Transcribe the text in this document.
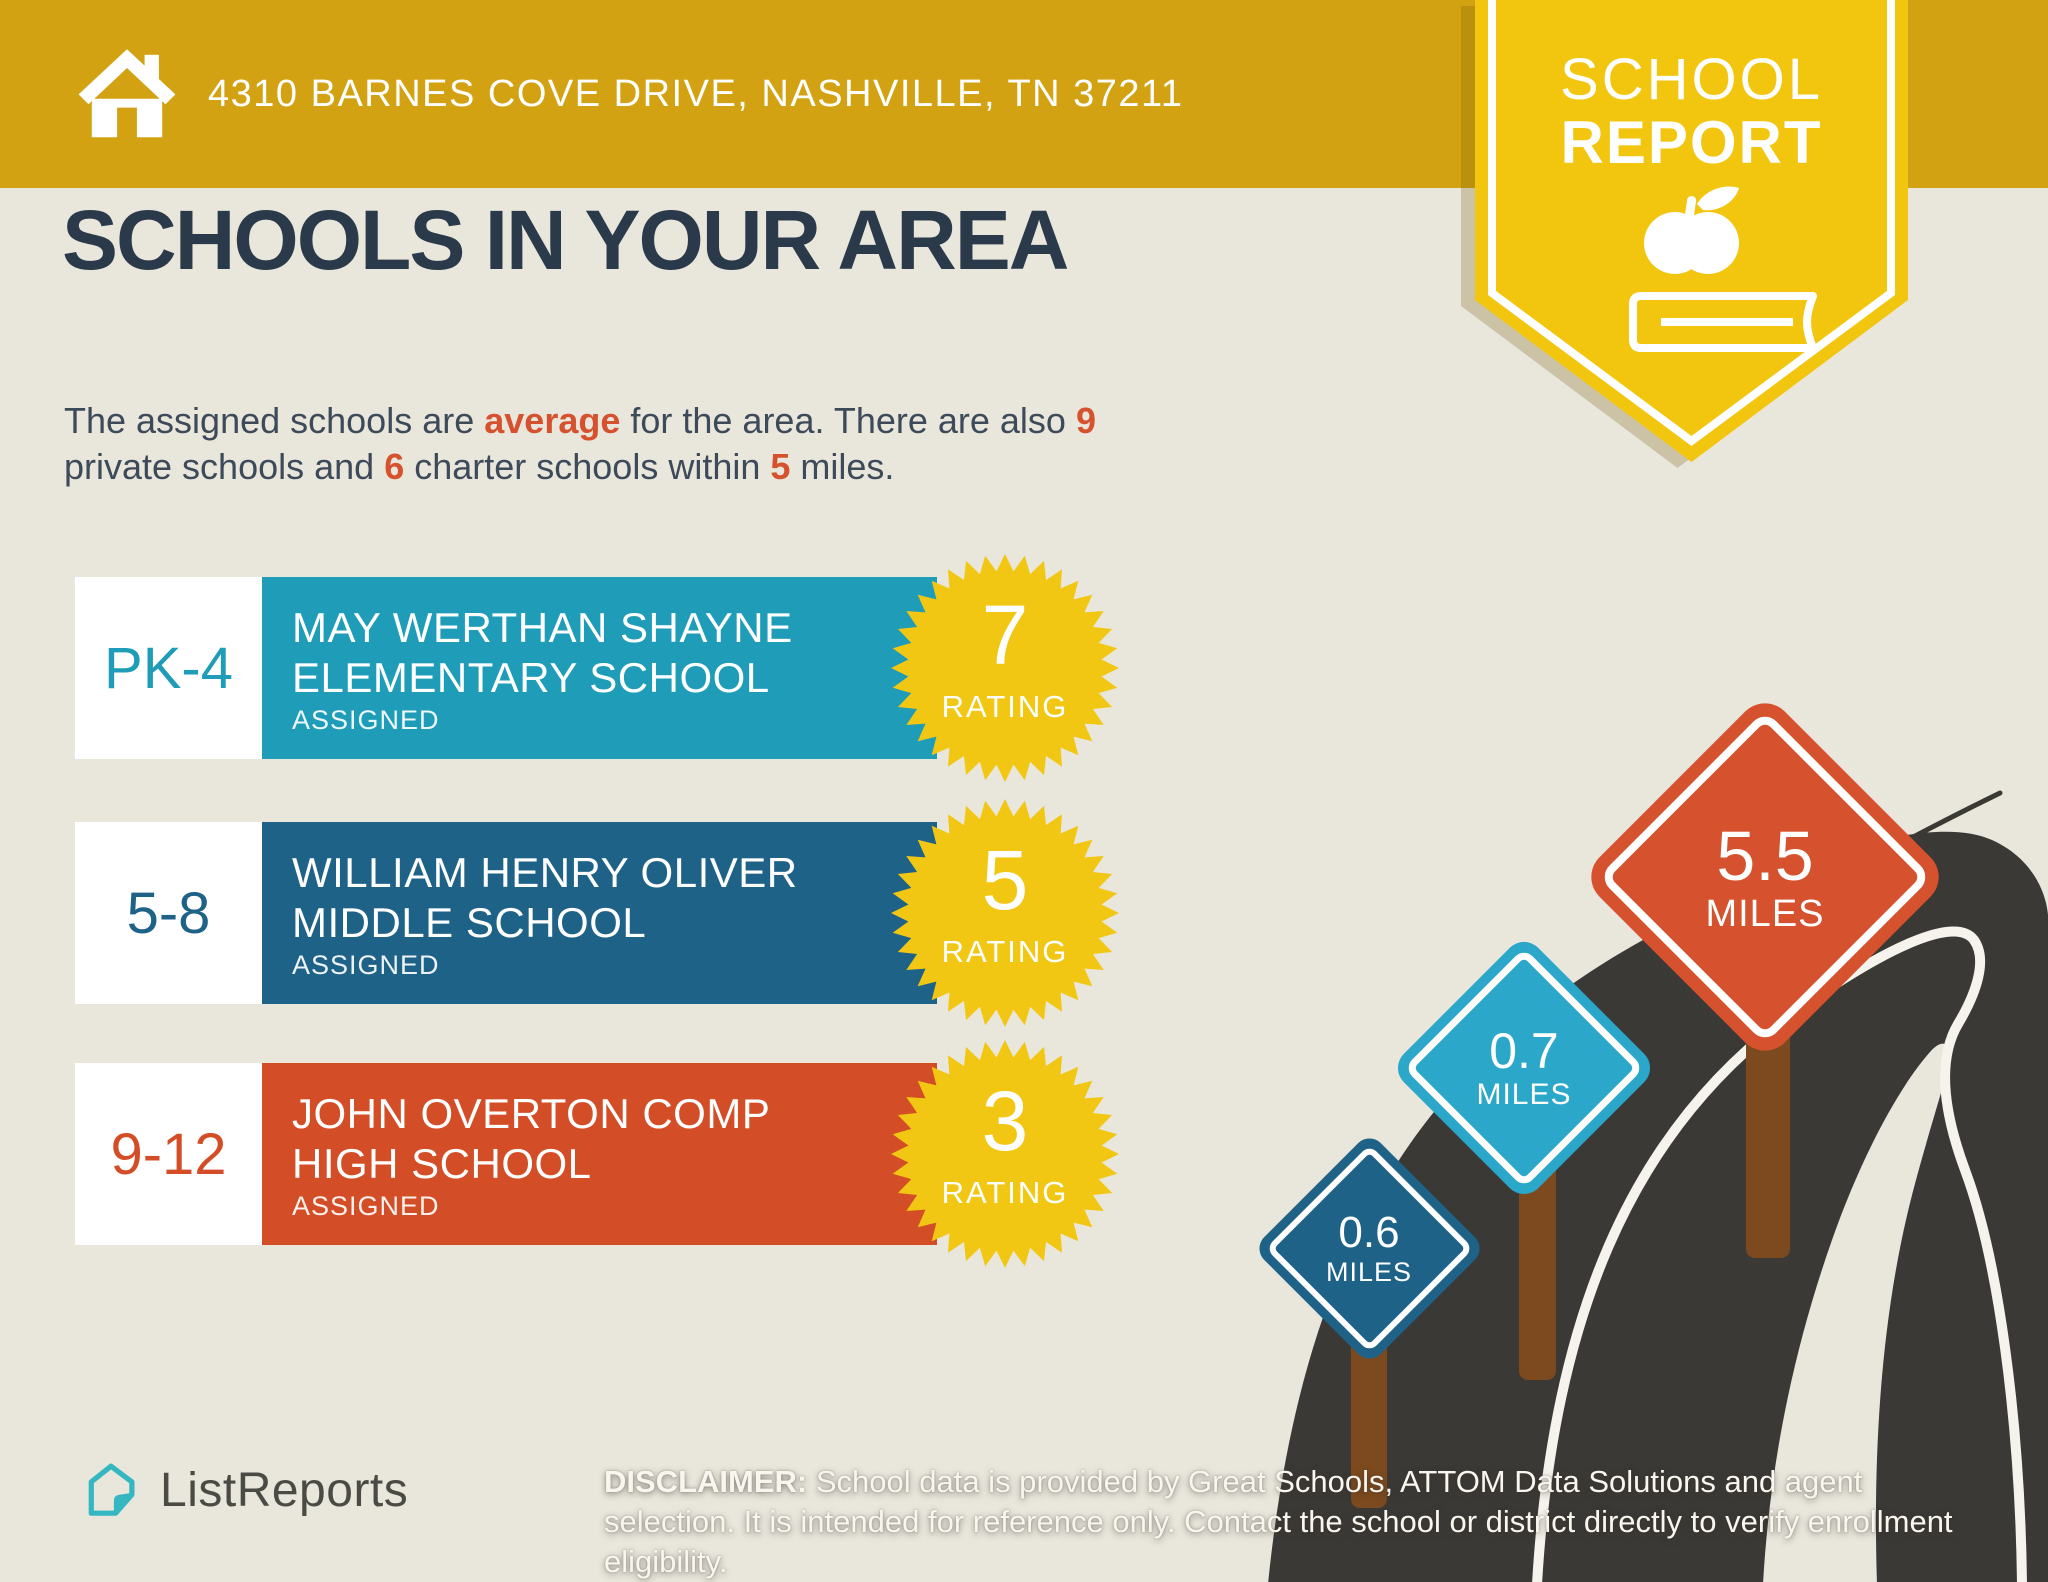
4310 BARNES COVE DRIVE, NASHVILLE, TN 37211	SCHOOL
REPORT
SCHOOLS IN YOUR AREA

The assigned schools are average for the area. There are also 9
private schools and 6 charter schools within 5 miles.

5.5
MILES
0.7
MILES
0.6
MILES
PK-4
MAY WERTHAN SHAYNE
ELEMENTARY SCHOOL
ASSIGNED
7
RATING
5-8
WILLIAM HENRY OLIVER
MIDDLE SCHOOL
ASSIGNED
5
RATING
9-12
JOHN OVERTON COMP
HIGH SCHOOL
ASSIGNED
3
RATING
ListReports	DISCLAIMER: School data is provided by Great Schools, ATTOM Data Solutions and agent selection. It is intended for reference only. Contact the school or district directly to verify enrollment eligibility.
